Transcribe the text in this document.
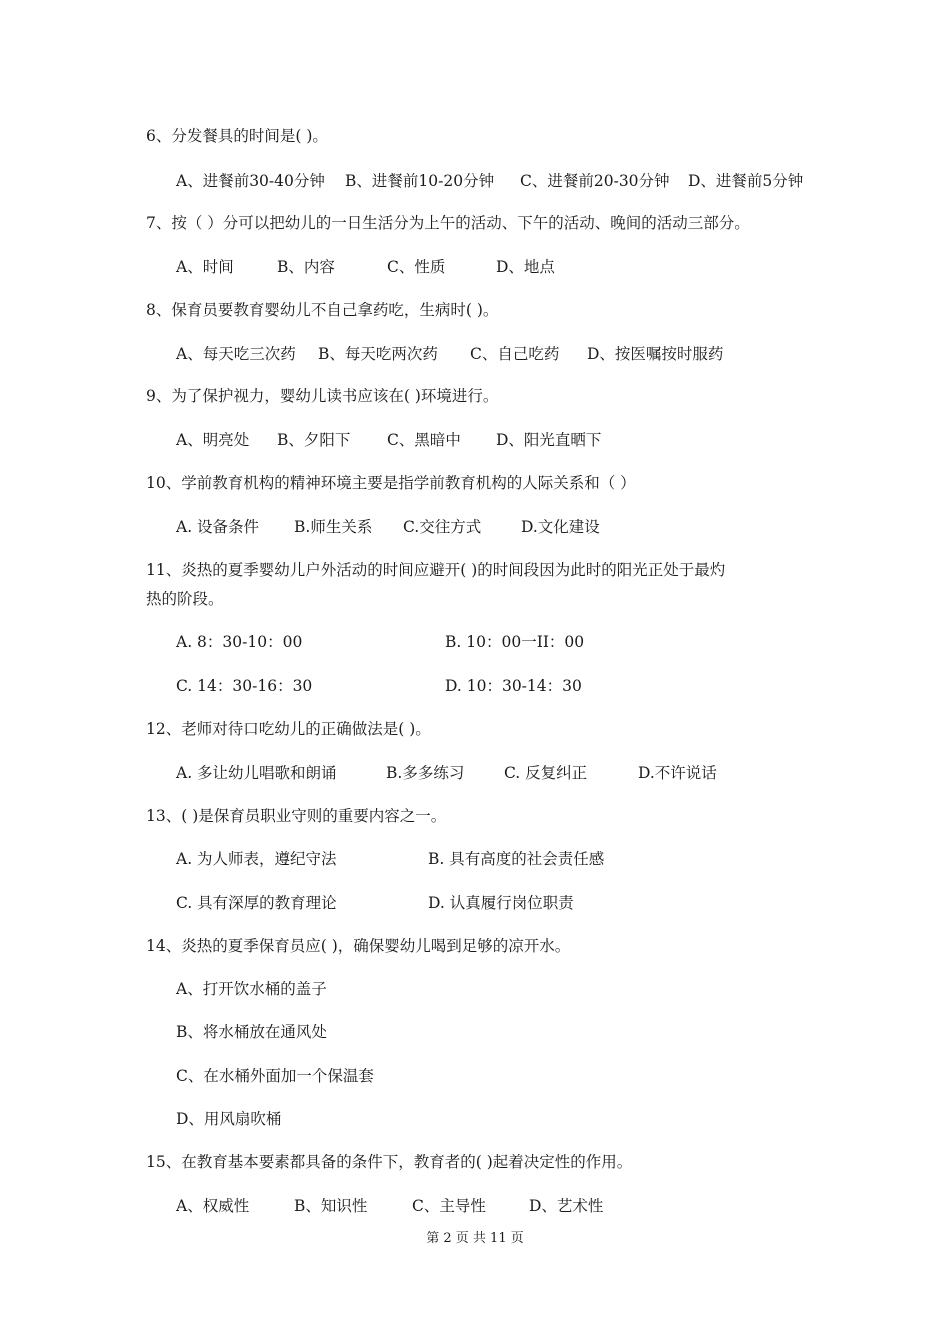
6、分发餐具的时间是( )。
A、进餐前30-40分钟 B、进餐前10-20分钟 C、进餐前20-30分钟 D、进餐前5分钟
7、按（ ）分可以把幼儿的一日生活分为上午的活动、下午的活动、晚间的活动三部分。
A、时间	B、内容	C、性质	D、地点
8、保育员要教育婴幼儿不自己拿药吃，生病时( )。
A、每天吃三次药 B、每天吃两次药 C、自己吃药 D、按医嘱按时服药
9、为了保护视力，婴幼儿读书应该在( )环境进行。
A、明亮处 B、夕阳下 C、黑暗中 D、阳光直晒下
10、学前教育机构的精神环境主要是指学前教育机构的人际关系和（ ）
A. 设备条件 B.师生关系 C.交往方式	D.文化建设
11、炎热的夏季婴幼儿户外活动的时间应避开( )的时间段因为此时的阳光正处于最灼
热的阶段。
A. 8：30-10：00	B. 10：00一II：00
C. 14：30-16：30	D. 10：30-14：30
12、老师对待口吃幼儿的正确做法是( )。
A. 多让幼儿唱歌和朗诵	B.多多练习	C. 反复纠正	D.不许说话
13、( )是保育员职业守则的重要内容之一。
A. 为人师表，遵纪守法	B. 具有高度的社会责任感
C. 具有深厚的教育理论	D. 认真履行岗位职责
14、炎热的夏季保育员应( )，确保婴幼儿喝到足够的凉开水。
A、打开饮水桶的盖子
B、将水桶放在通风处
C、在水桶外面加一个保温套
D、用风扇吹桶
15、在教育基本要素都具备的条件下，教育者的( )起着决定性的作用。
A、权威性	B、知识性	C、主导性	D、艺术性
第 2 页 共 11 页
